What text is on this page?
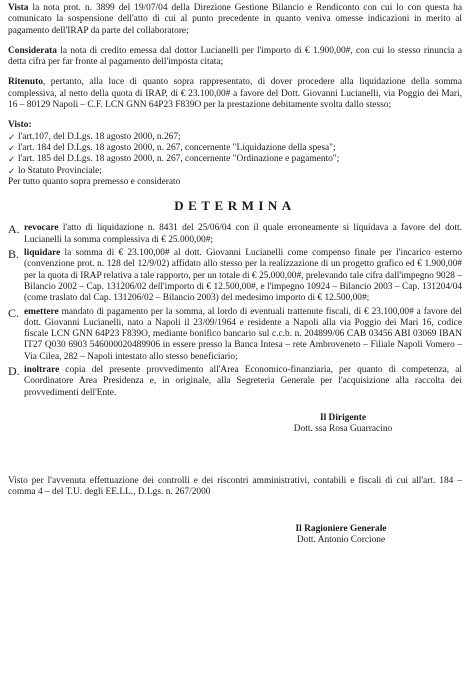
Vista la nota prot. n. 3899 del 19/07/04 della Direzione Gestione Bilancio e Rendiconto con cui lo con questa ha comunicato la sospensione dell'atto di cui al punto precedente in quanto veniva omesse indicazioni in merito al pagamento dell'IRAP da parte del collaboratore;

Considerata la nota di credito emessa dal dottor Lucianelli per l'importo di € 1.900,00#, con cui lo stesso rinuncia a detta cifra per far fronte al pagamento dell'imposta citata;

Ritenuto, pertanto, alla luce di quanto sopra rappresentato, di dover procedere alla liquidazione della somma complessiva, al netto della quota di IRAP, di € 23.100,00# a favore del Dott. Giovanni Lucianelli, via Poggio dei Mari, 16 – 80129 Napoli – C.F. LCN GNN 64P23 F839O per la prestazione debitamente svolta dallo stesso;

Visto:

✓ l'art.107, del D.Lgs. 18 agosto 2000, n.267;
✓ l'art. 184 del D.Lgs. 18 agosto 2000, n. 267, concernente "Liquidazione della spesa";
✓ l'art. 185 del D.Lgs. 18 agosto 2000, n. 267, concernente "Ordinazione e pagamento";
✓ lo Statuto Provinciale;

Per tutto quanto sopra premesso e considerato

DETERMINA
A. revocare l'atto di liquidazione n. 8431 del 25/06/04 con il quale erroneamente si liquidava a favore del dott. Lucianelli la somma complessiva di € 25.000,00#;
B. liquidare la somma di € 23.100,00# al dott. Giovanni Lucianelli come compenso finale per l'incarico esterno (convenzione prot. n. 128 del 12/9/02) affidato allo stesso per la realizzazione di un progetto grafico ed € 1.900,00# per la quota di IRAP relativa a tale rapporto, per un totale di € 25.000,00#, prelevando tale cifra dall'impegno 9028 – Bilancio 2002 – Cap. 131206/02 dell'importo di € 12.500,00#, e l'impegno 10924 – Bilancio 2003 – Cap. 131204/04 (come traslato dal Cap. 131206/02 – Bilancio 2003) del medesimo importo di € 12.500,00#;
C. emettere mandato di pagamento per la somma, al lordo di eventuali trattenute fiscali, di € 23.100,00# a favore del dott. Giovanni Lucianelli, nato a Napoli il 23/09/1964 e residente a Napoli alla via Poggio dei Mari 16, codice fiscale LCN GNN 64P23 F839O, mediante bonifico bancario sul c.c.b. n. 204899/06 CAB 03456 ABI 03069 IBAN IT27 Q030 6903 546000020489906 in essere presso la Banca Intesa – rete Ambroveneto – Filiale Napoli Vomero – Via Cilea, 282 – Napoli intestato allo stesso beneficiario;
D. inoltrare copia del presente provvedimento all'Area Economico-finanziaria, per quanto di competenza, al Coordinatore Area Presidenza e, in originale, alla Segreteria Generale per l'acquisizione alla raccolta dei provvedimenti dell'Ente.
Il Dirigente
Dott. ssa Rosa Guarracino

Visto per l'avvenuta effettuazione dei controlli e dei riscontri amministrativi, contabili e fiscali di cui all'art. 184 – comma 4 – del T.U. degli EE.LL., D.Lgs. n. 267/2000

Il Ragioniere Generale
Dott. Antonio Corcione
